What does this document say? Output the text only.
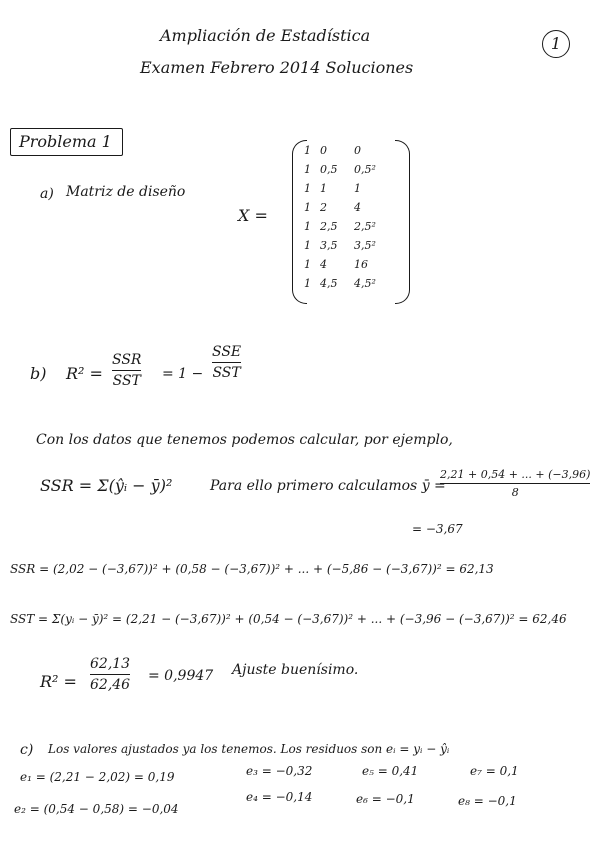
Ampliación de Estadística
Examen Febrero 2014 Soluciones
1
Problema 1
a) Matriz de diseño
X =
1 0	0
1 0,5	0,5²
1 1	1
1 2	4
1 2,5	2,5²
1 3,5	3,5²
1 4	16
1 4,5	4,5²
b) R² =
SSR
SST = 1 −
SSE
SST
Con los datos que tenemos podemos calcular, por ejemplo,
SSR = Σ(ŷᵢ − ȳ)²	Para ello primero calculamos ȳ =
2,21 + 0,54 + ... + (−3,96)
8
= −3,67
SSR = (2,02 − (−3,67))² + (0,58 − (−3,67))² + ... + (−5,86 − (−3,67))² = 62,13
SST = Σ(yᵢ − ȳ)² = (2,21 − (−3,67))² + (0,54 − (−3,67))² + ... + (−3,96 − (−3,67))² = 62,46
R² =
62,13
62,46
= 0,9947 Ajuste buenísimo.
c) Los valores ajustados ya los tenemos. Los residuos son eᵢ = yᵢ − ŷᵢ
e₁ = (2,21 − 2,02) = 0,19
e₂ = (0,54 − 0,58) = −0,04
e₃ = −0,32
e₄ = −0,14
e₅ = 0,41
e₆ = −0,1
e₇ = 0,1
e₈ = −0,1
